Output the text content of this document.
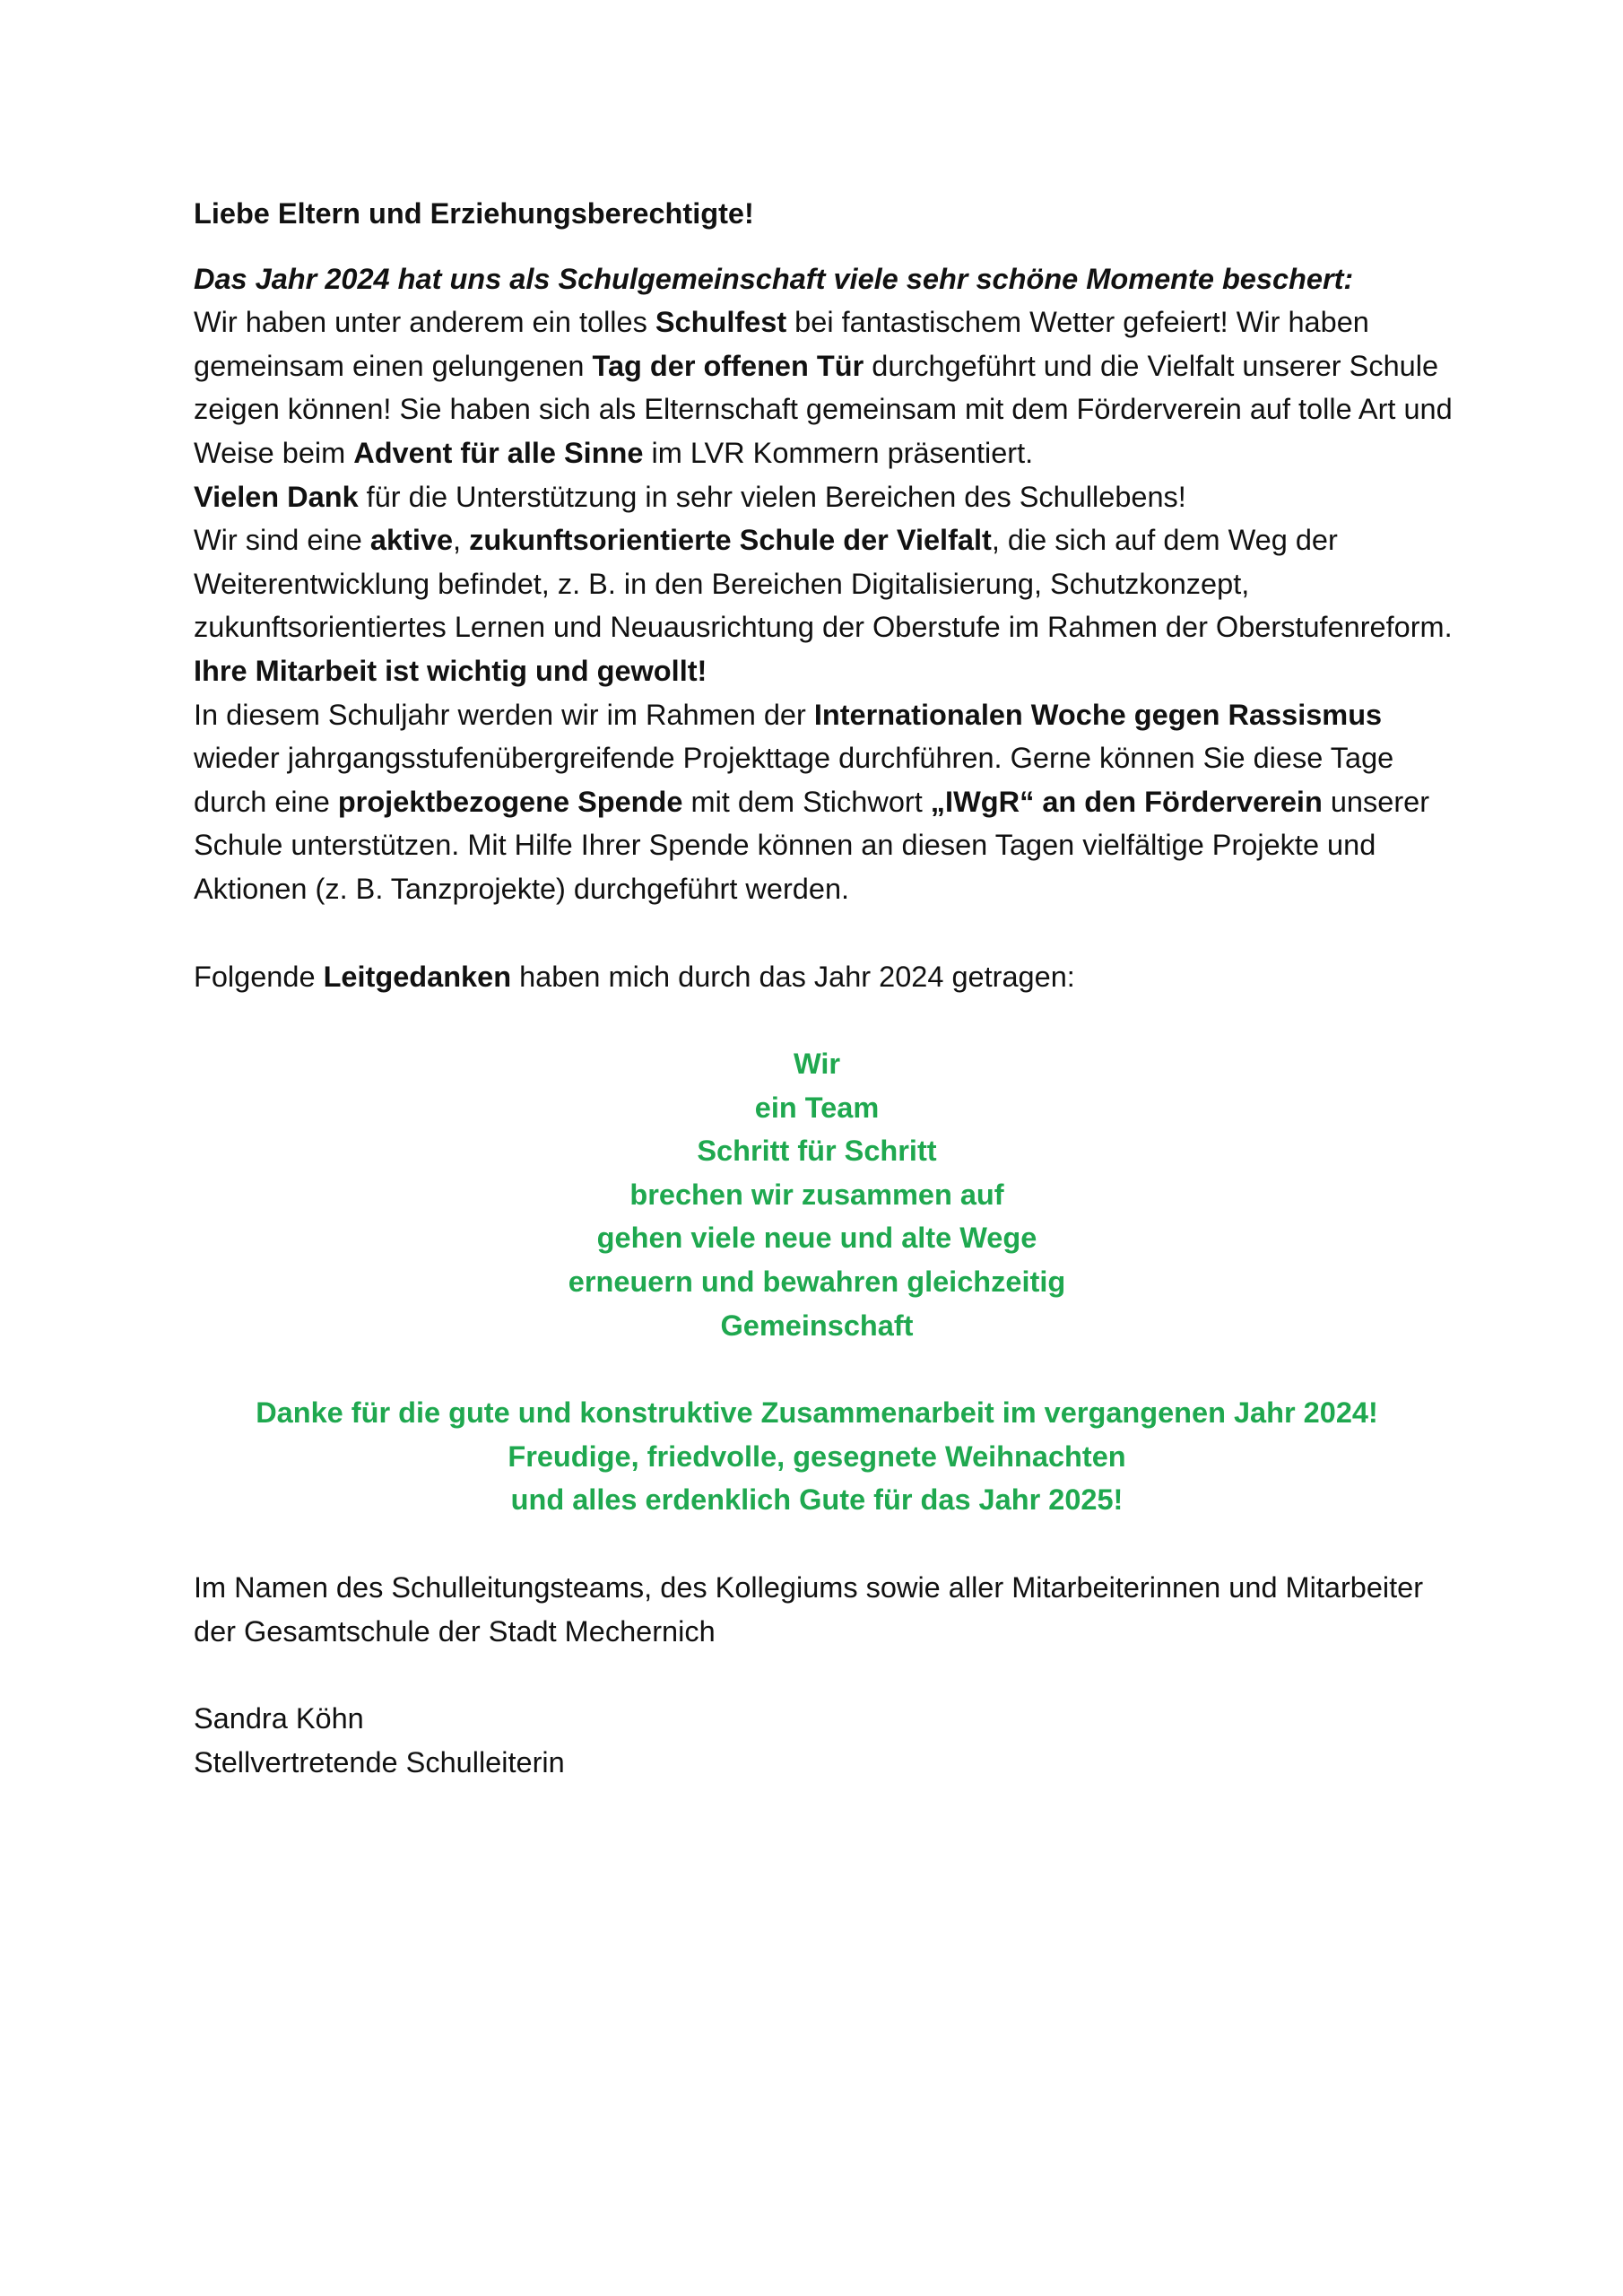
Liebe Eltern und Erziehungsberechtigte!

Das Jahr 2024 hat uns als Schulgemeinschaft viele sehr schöne Momente beschert:

Wir haben unter anderem ein tolles Schulfest bei fantastischem Wetter gefeiert! Wir haben gemeinsam einen gelungenen Tag der offenen Tür durchgeführt und die Vielfalt unserer Schule zeigen können! Sie haben sich als Elternschaft gemeinsam mit dem Förderverein auf tolle Art und Weise beim Advent für alle Sinne im LVR Kommern präsentiert.

Vielen Dank für die Unterstützung in sehr vielen Bereichen des Schullebens!

Wir sind eine aktive, zukunftsorientierte Schule der Vielfalt, die sich auf dem Weg der Weiterentwicklung befindet, z. B. in den Bereichen Digitalisierung, Schutzkonzept, zukunftsorientiertes Lernen und Neuausrichtung der Oberstufe im Rahmen der Oberstufenreform. Ihre Mitarbeit ist wichtig und gewollt!

In diesem Schuljahr werden wir im Rahmen der Internationalen Woche gegen Rassismus wieder jahrgangsstufenübergreifende Projekttage durchführen. Gerne können Sie diese Tage durch eine projektbezogene Spende mit dem Stichwort „IWgR“ an den Förderverein unserer Schule unterstützen. Mit Hilfe Ihrer Spende können an diesen Tagen vielfältige Projekte und Aktionen (z. B. Tanzprojekte) durchgeführt werden.

Folgende Leitgedanken haben mich durch das Jahr 2024 getragen:

Wir

ein Team

Schritt für Schritt

brechen wir zusammen auf

gehen viele neue und alte Wege

erneuern und bewahren gleichzeitig

Gemeinschaft

Danke für die gute und konstruktive Zusammenarbeit im vergangenen Jahr 2024!

Freudige, friedvolle, gesegnete Weihnachten

und alles erdenklich Gute für das Jahr 2025!

Im Namen des Schulleitungsteams, des Kollegiums sowie aller Mitarbeiterinnen und Mitarbeiter der Gesamtschule der Stadt Mechernich

Sandra Köhn

Stellvertretende Schulleiterin
